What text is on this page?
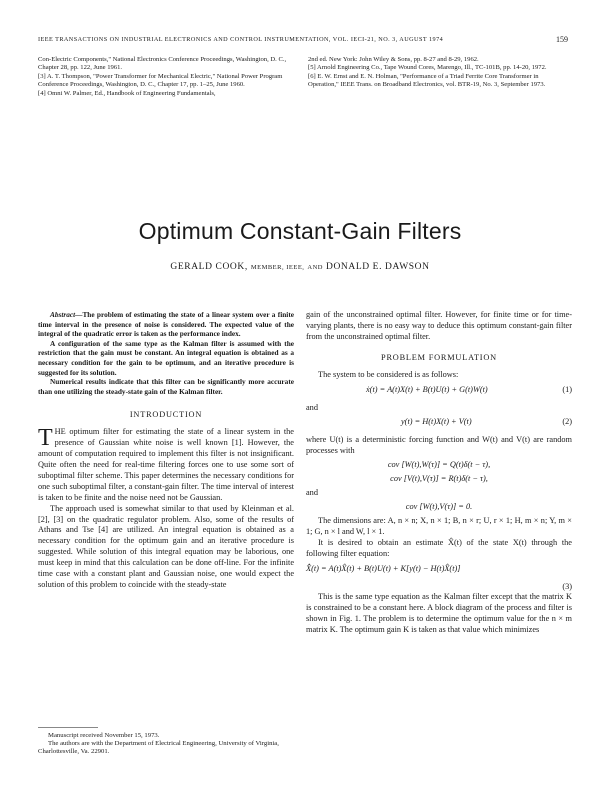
IEEE TRANSACTIONS ON INDUSTRIAL ELECTRONICS AND CONTROL INSTRUMENTATION, VOL. IECI-21, NO. 3, AUGUST 1974	159

Con-Electric Components," National Electronics Conference Proceedings, Washington, D. C., Chapter 28, pp. 122, June 1961.

[3] A. T. Thompson, "Power Transformer for Mechanical Electric," National Power Program Conference Proceedings, Washington, D. C., Chapter 17, pp. 1–25, June 1960.

[4] Omni W. Palmer, Ed., Handbook of Engineering Fundamentals,

2nd ed. New York: John Wiley & Sons, pp. 8-27 and 8-29, 1962.

[5] Arnold Engineering Co., Tape Wound Cores, Marengo, Ill., TC-101B, pp. 14-20, 1972.

[6] E. W. Ernst and E. N. Holman, "Performance of a Triad Ferrite Core Transformer in Operation," IEEE Trans. on Broadband Electronics, vol. BTR-19, No. 3, September 1973.

Optimum Constant-Gain Filters
GERALD COOK, MEMBER, IEEE, AND DONALD E. DAWSON

Abstract—The problem of estimating the state of a linear system over a finite time interval in the presence of noise is considered. The expected value of the integral of the quadratic error is taken as the performance index.

A configuration of the same type as the Kalman filter is assumed with the restriction that the gain must be constant. An integral equation is obtained as a necessary condition for the gain to be optimum, and an iterative procedure is suggested for its solution.

Numerical results indicate that this filter can be significantly more accurate than one utilizing the steady-state gain of the Kalman filter.

INTRODUCTION

THE optimum filter for estimating the state of a linear system in the presence of Gaussian white noise is well known [1]. However, the amount of computation required to implement this filter is not insignificant. Quite often the need for real-time filtering forces one to use some sort of suboptimal filter scheme. This paper determines the necessary conditions for one such suboptimal filter, a constant-gain filter. The time interval of interest is taken to be finite and the noise need not be Gaussian.

The approach used is somewhat similar to that used by Kleinman et al. [2], [3] on the quadratic regulator problem. Also, some of the results of Athans and Tse [4] are utilized. An integral equation is obtained as a necessary condition for the optimum gain and an iterative procedure is suggested. While solution of this integral equation may be laborious, one must keep in mind that this calculation can be done off-line. For the infinite time case with a constant plant and Gaussian noise, one would expect the solution of this problem to coincide with the steady-state

gain of the unconstrained optimal filter. However, for finite time or for time-varying plants, there is no easy way to deduce this optimum constant-gain filter from the unconstrained optimal filter.

PROBLEM FORMULATION

The system to be considered is as follows:

ẋ(t) = A(t)X(t) + B(t)U(t) + G(t)W(t)	(1)

and

y(t) = H(t)X(t) + V(t)	(2)

where U(t) is a deterministic forcing function and W(t) and V(t) are random processes with

cov [W(t),W(τ)] = Q(t)δ(t − τ),
cov [V(t),V(τ)] = R(t)δ(t − τ),

and

cov [W(t),V(τ)] = 0.

The dimensions are: A, n × n; X, n × 1; B, n × r; U, r × 1; H, m × n; Y, m × 1; G, n × l and W, l × 1.

It is desired to obtain an estimate X̂(t) of the state X(t) through the following filter equation:

X̂̇(t) = A(t)X̂(t) + B(t)U(t) + K[y(t) − H(t)X̂(t)]
(3)

This is the same type equation as the Kalman filter except that the matrix K is constrained to be a constant here. A block diagram of the process and filter is shown in Fig. 1. The problem is to determine the optimum value for the n × m matrix K. The optimum gain K is taken as that value which minimizes

Manuscript received November 15, 1973.

The authors are with the Department of Electrical Engineering, University of Virginia, Charlottesville, Va. 22901.
